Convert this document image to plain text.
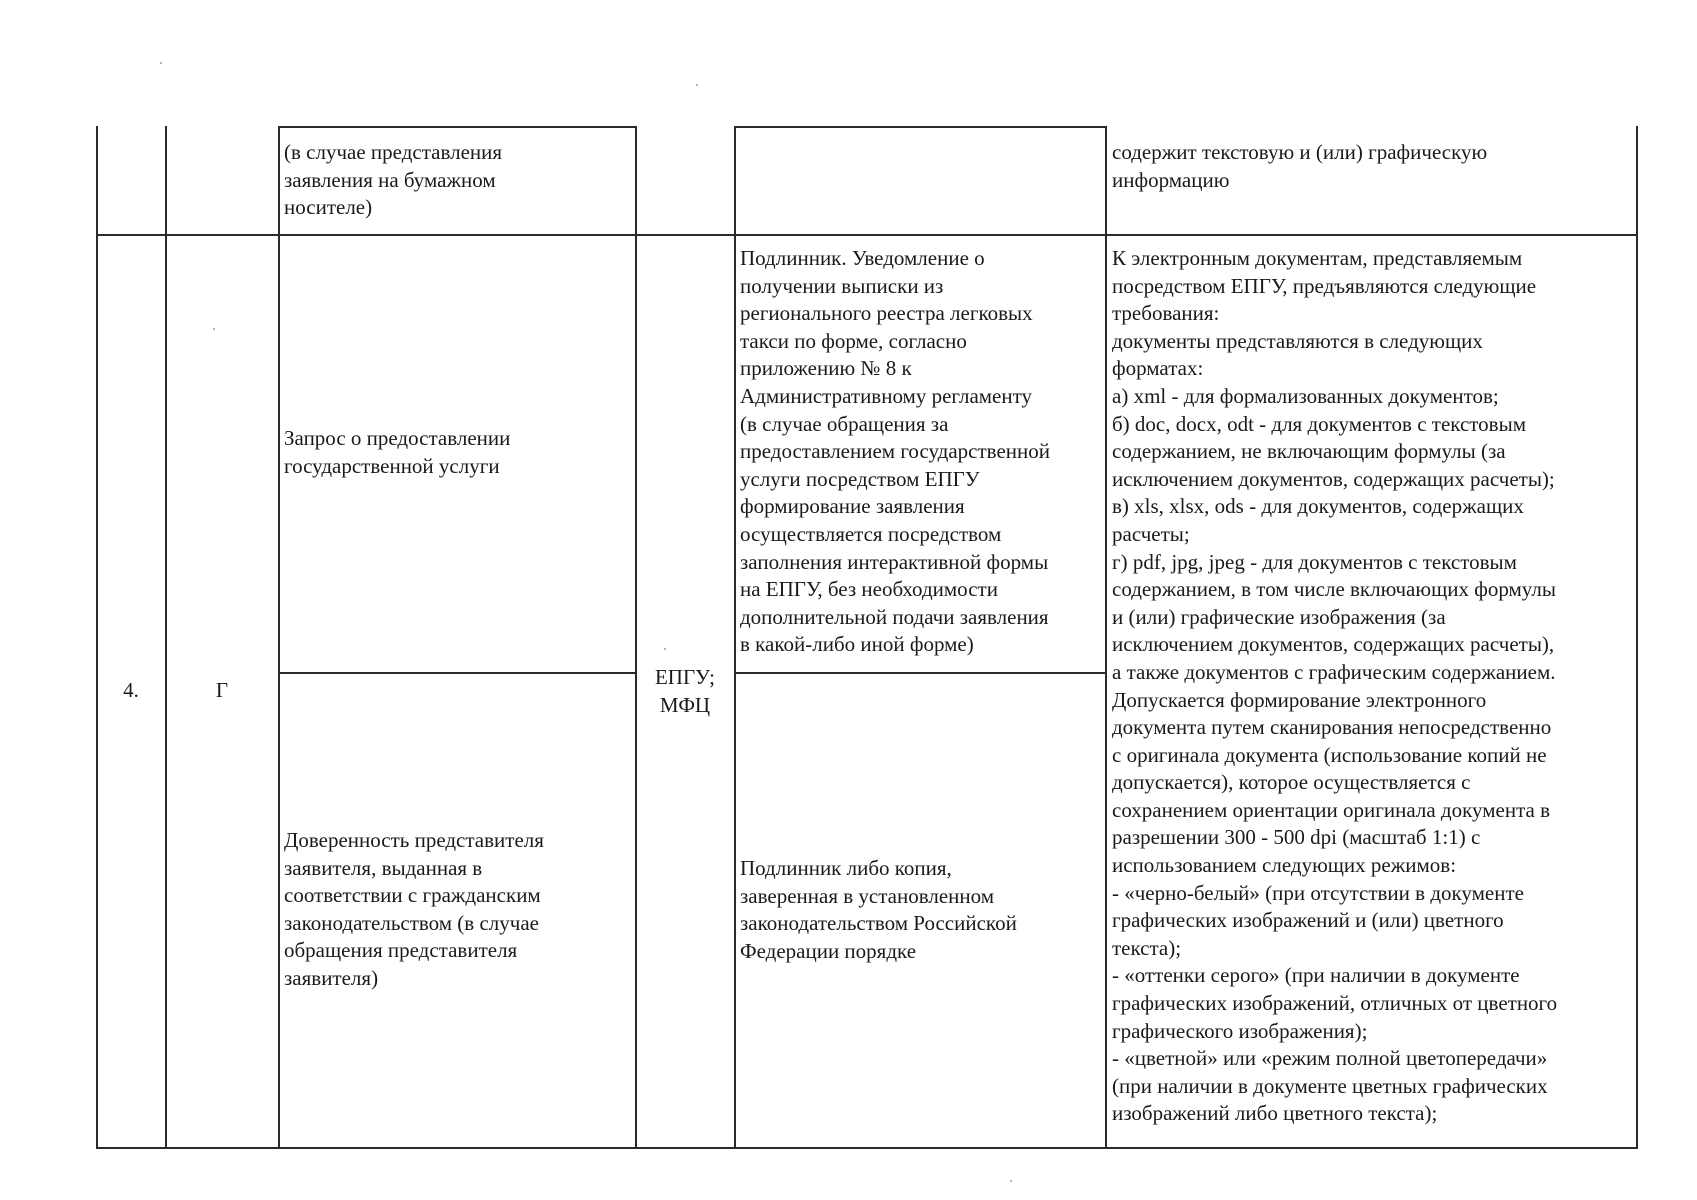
(в случае представления
заявления на бумажном
носителе)
содержит текстовую и (или) графическую
информацию
4.	Г
ЕПГУ;
МФЦ
Запрос о предоставлении
государственной услуги
Подлинник. Уведомление о
получении выписки из
регионального реестра легковых
такси по форме, согласно
приложению № 8 к
Административному регламенту
(в случае обращения за
предоставлением государственной
услуги посредством ЕПГУ
формирование заявления
осуществляется посредством
заполнения интерактивной формы
на ЕПГУ, без необходимости
дополнительной подачи заявления
в какой-либо иной форме)
Доверенность представителя
заявителя, выданная в
соответствии с гражданским
законодательством (в случае
обращения представителя
заявителя)
Подлинник либо копия,
заверенная в установленном
законодательством Российской
Федерации порядке
К электронным документам, представляемым
посредством ЕПГУ, предъявляются следующие
требования:
документы представляются в следующих
форматах:
а) xml - для формализованных документов;
б) doc, docx, odt - для документов с текстовым
содержанием, не включающим формулы (за
исключением документов, содержащих расчеты);
в) xls, xlsx, ods - для документов, содержащих
расчеты;
г) pdf, jpg, jpeg - для документов с текстовым
содержанием, в том числе включающих формулы
и (или) графические изображения (за
исключением документов, содержащих расчеты),
а также документов с графическим содержанием.
Допускается формирование электронного
документа путем сканирования непосредственно
с оригинала документа (использование копий не
допускается), которое осуществляется с
сохранением ориентации оригинала документа в
разрешении 300 - 500 dpi (масштаб 1:1) с
использованием следующих режимов:
- «черно-белый» (при отсутствии в документе
графических изображений и (или) цветного
текста);
- «оттенки серого» (при наличии в документе
графических изображений, отличных от цветного
графического изображения);
- «цветной» или «режим полной цветопередачи»
(при наличии в документе цветных графических
изображений либо цветного текста);
